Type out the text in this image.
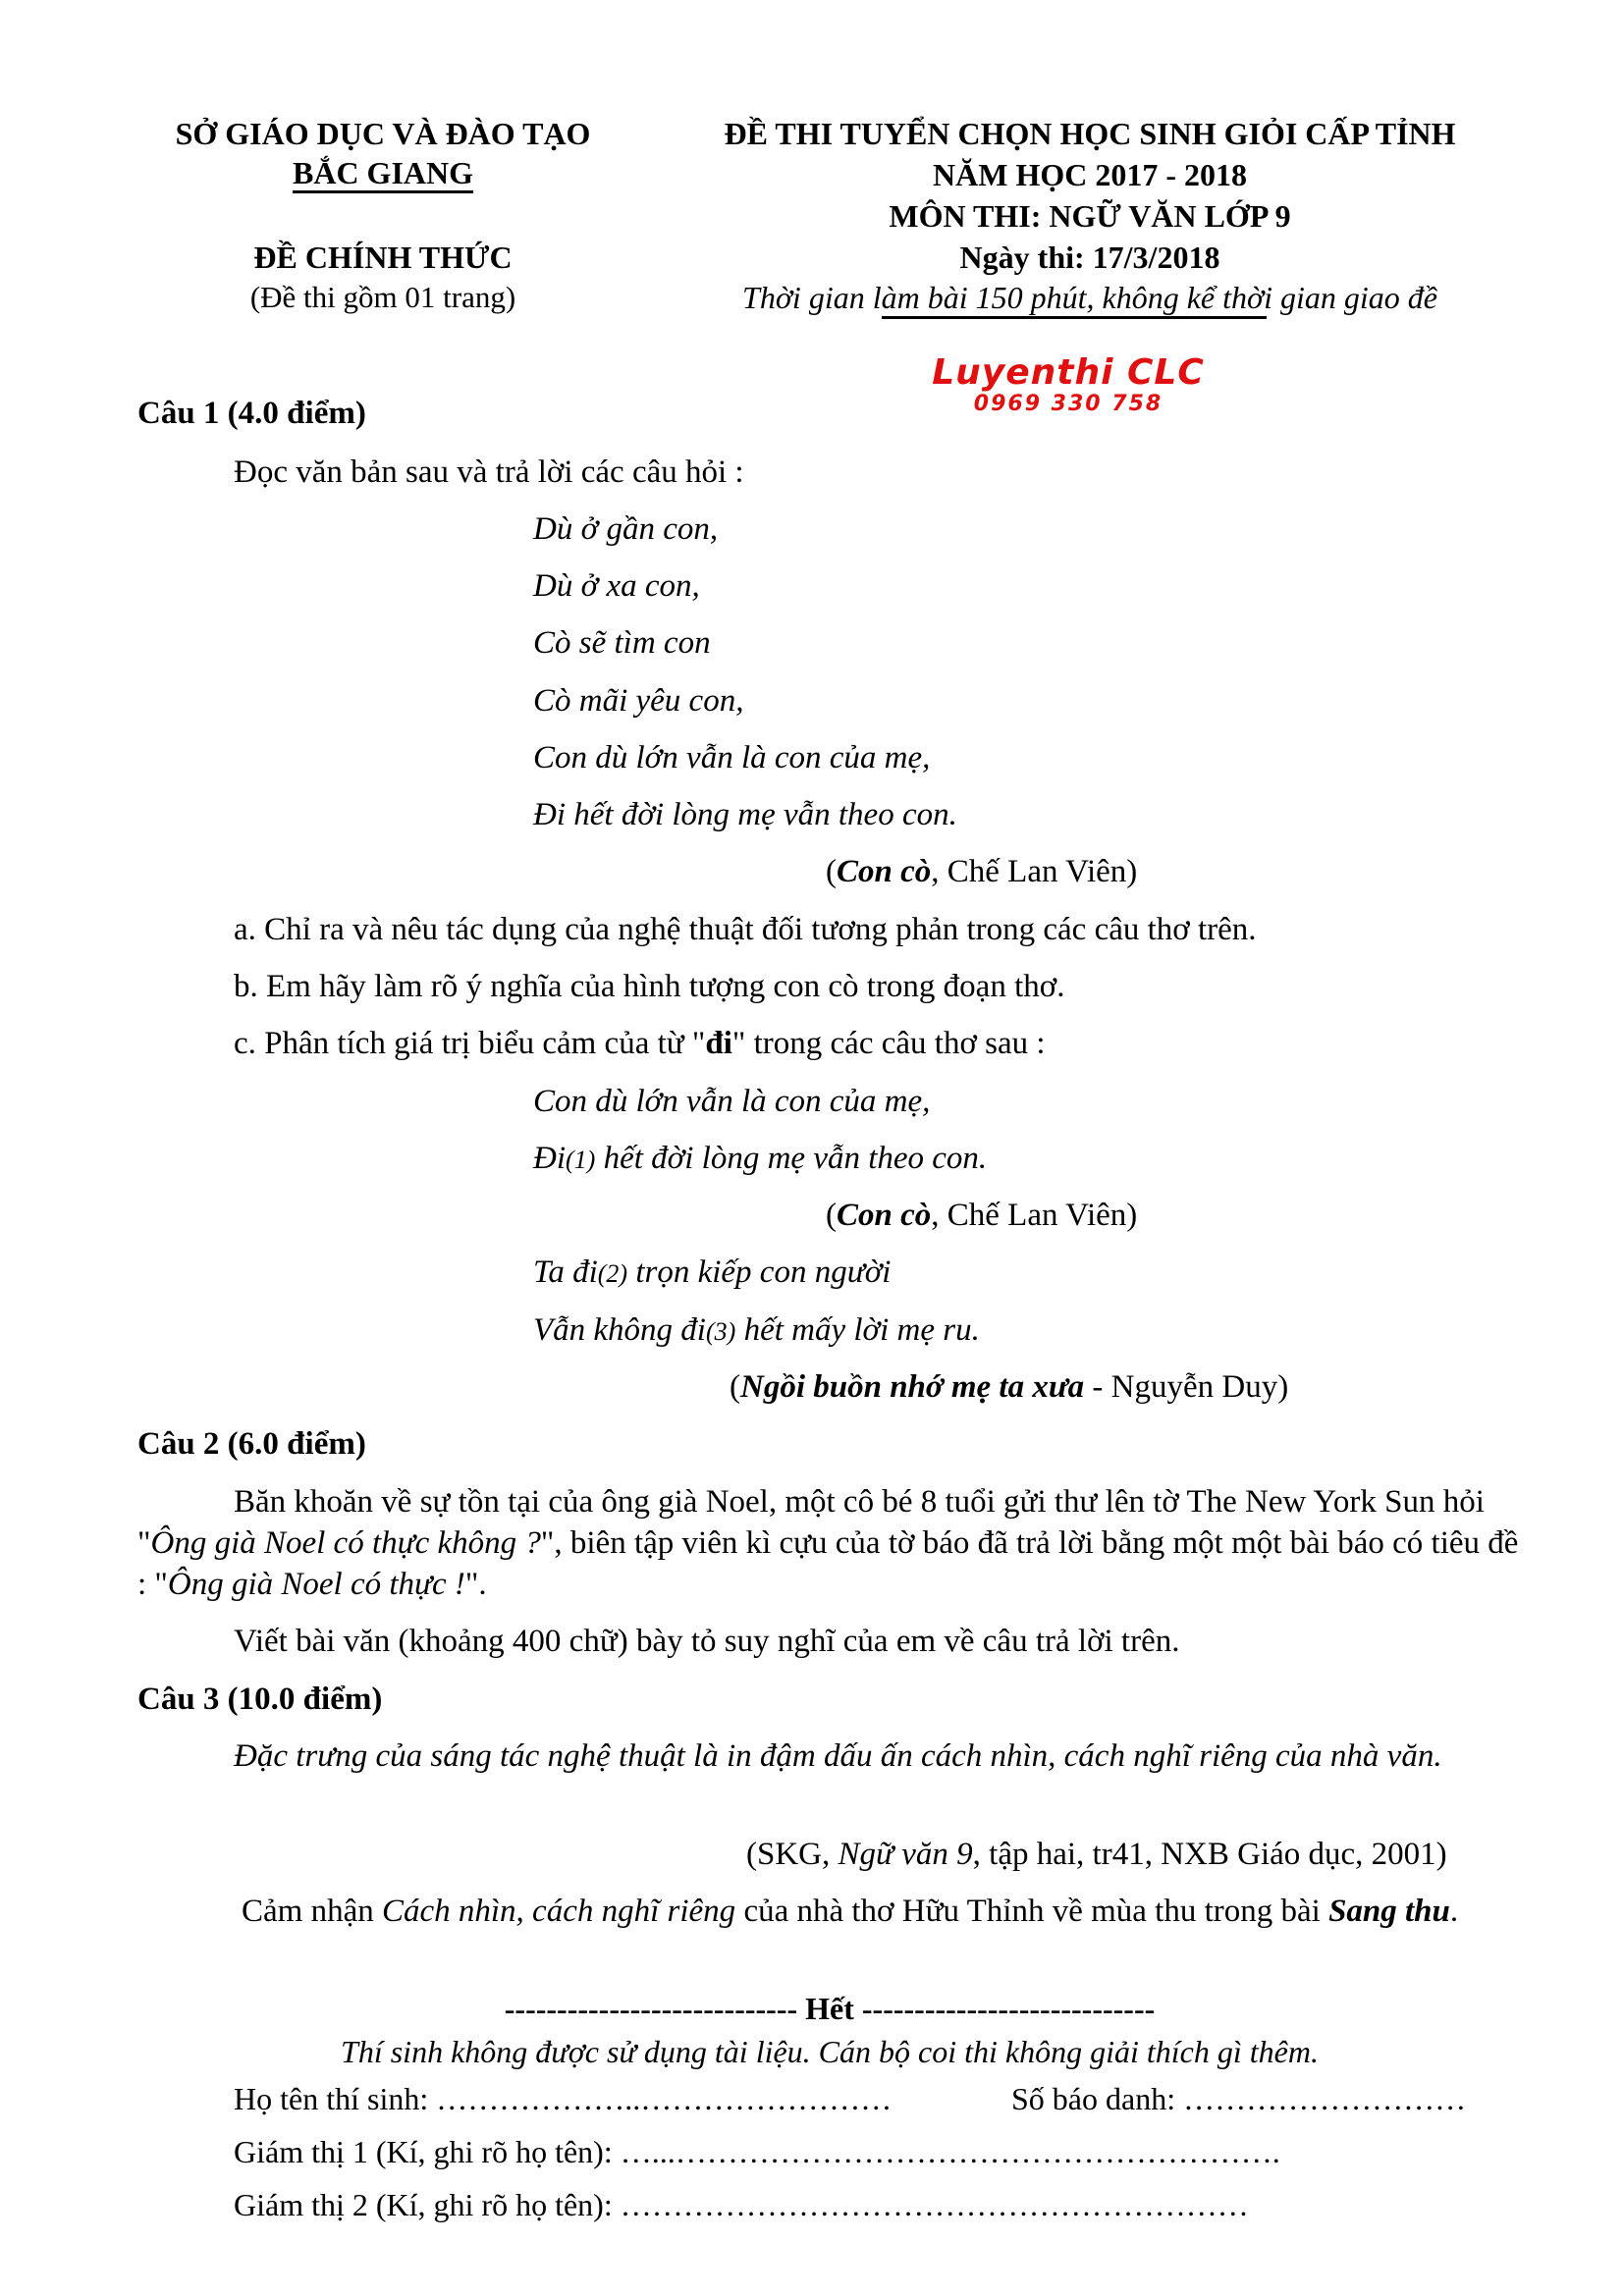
SỞ GIÁO DỤC VÀ ĐÀO TẠO
BẮC GIANG
ĐỀ CHÍNH THỨC
(Đề thi gồm 01 trang)
ĐỀ THI TUYỂN CHỌN HỌC SINH GIỎI CẤP TỈNH
NĂM HỌC 2017 - 2018
MÔN THI: NGỮ VĂN LỚP 9
Ngày thi: 17/3/2018
Thời gian làm bài 150 phút, không kể thời gian giao đề
Luyenthi CLC
0969 330 758
Câu 1 (4.0 điểm)
Đọc văn bản sau và trả lời các câu hỏi :
Dù ở gần con,
Dù ở xa con,
Cò sẽ tìm con
Cò mãi yêu con,
Con dù lớn vẫn là con của mẹ,
Đi hết đời lòng mẹ vẫn theo con.
(Con cò, Chế Lan Viên)
a. Chỉ ra và nêu tác dụng của nghệ thuật đối tương phản trong các câu thơ trên.
b. Em hãy làm rõ ý nghĩa của hình tượng con cò trong đoạn thơ.
c. Phân tích giá trị biểu cảm của từ "đi" trong các câu thơ sau :
Con dù lớn vẫn là con của mẹ,
Đi(1) hết đời lòng mẹ vẫn theo con.
(Con cò, Chế Lan Viên)
Ta đi(2) trọn kiếp con người
Vẫn không đi(3) hết mấy lời mẹ ru.
(Ngồi buồn nhớ mẹ ta xưa - Nguyễn Duy)
Câu 2 (6.0 điểm)
Băn khoăn về sự tồn tại của ông già Noel, một cô bé 8 tuổi gửi thư lên tờ The New York Sun hỏi "Ông già Noel có thực không ?", biên tập viên kì cựu của tờ báo đã trả lời bằng một một bài báo có tiêu đề : "Ông già Noel có thực !".
Viết bài văn (khoảng 400 chữ) bày tỏ suy nghĩ của em về câu trả lời trên.
Câu 3 (10.0 điểm)
Đặc trưng của sáng tác nghệ thuật là in đậm dấu ấn cách nhìn, cách nghĩ riêng của nhà văn.
(SKG, Ngữ văn 9, tập hai, tr41, NXB Giáo dục, 2001)
Cảm nhận Cách nhìn, cách nghĩ riêng của nhà thơ Hữu Thỉnh về mùa thu trong bài Sang thu.
---------------------------- Hết ----------------------------
Thí sinh không được sử dụng tài liệu. Cán bộ coi thi không giải thích gì thêm.
Họ tên thí sinh: ………………..……………………	Số báo danh: ………………………
Giám thị 1 (Kí, ghi rõ họ tên): …...………………………………………………….
Giám thị 2 (Kí, ghi rõ họ tên): ……………………………………………………
